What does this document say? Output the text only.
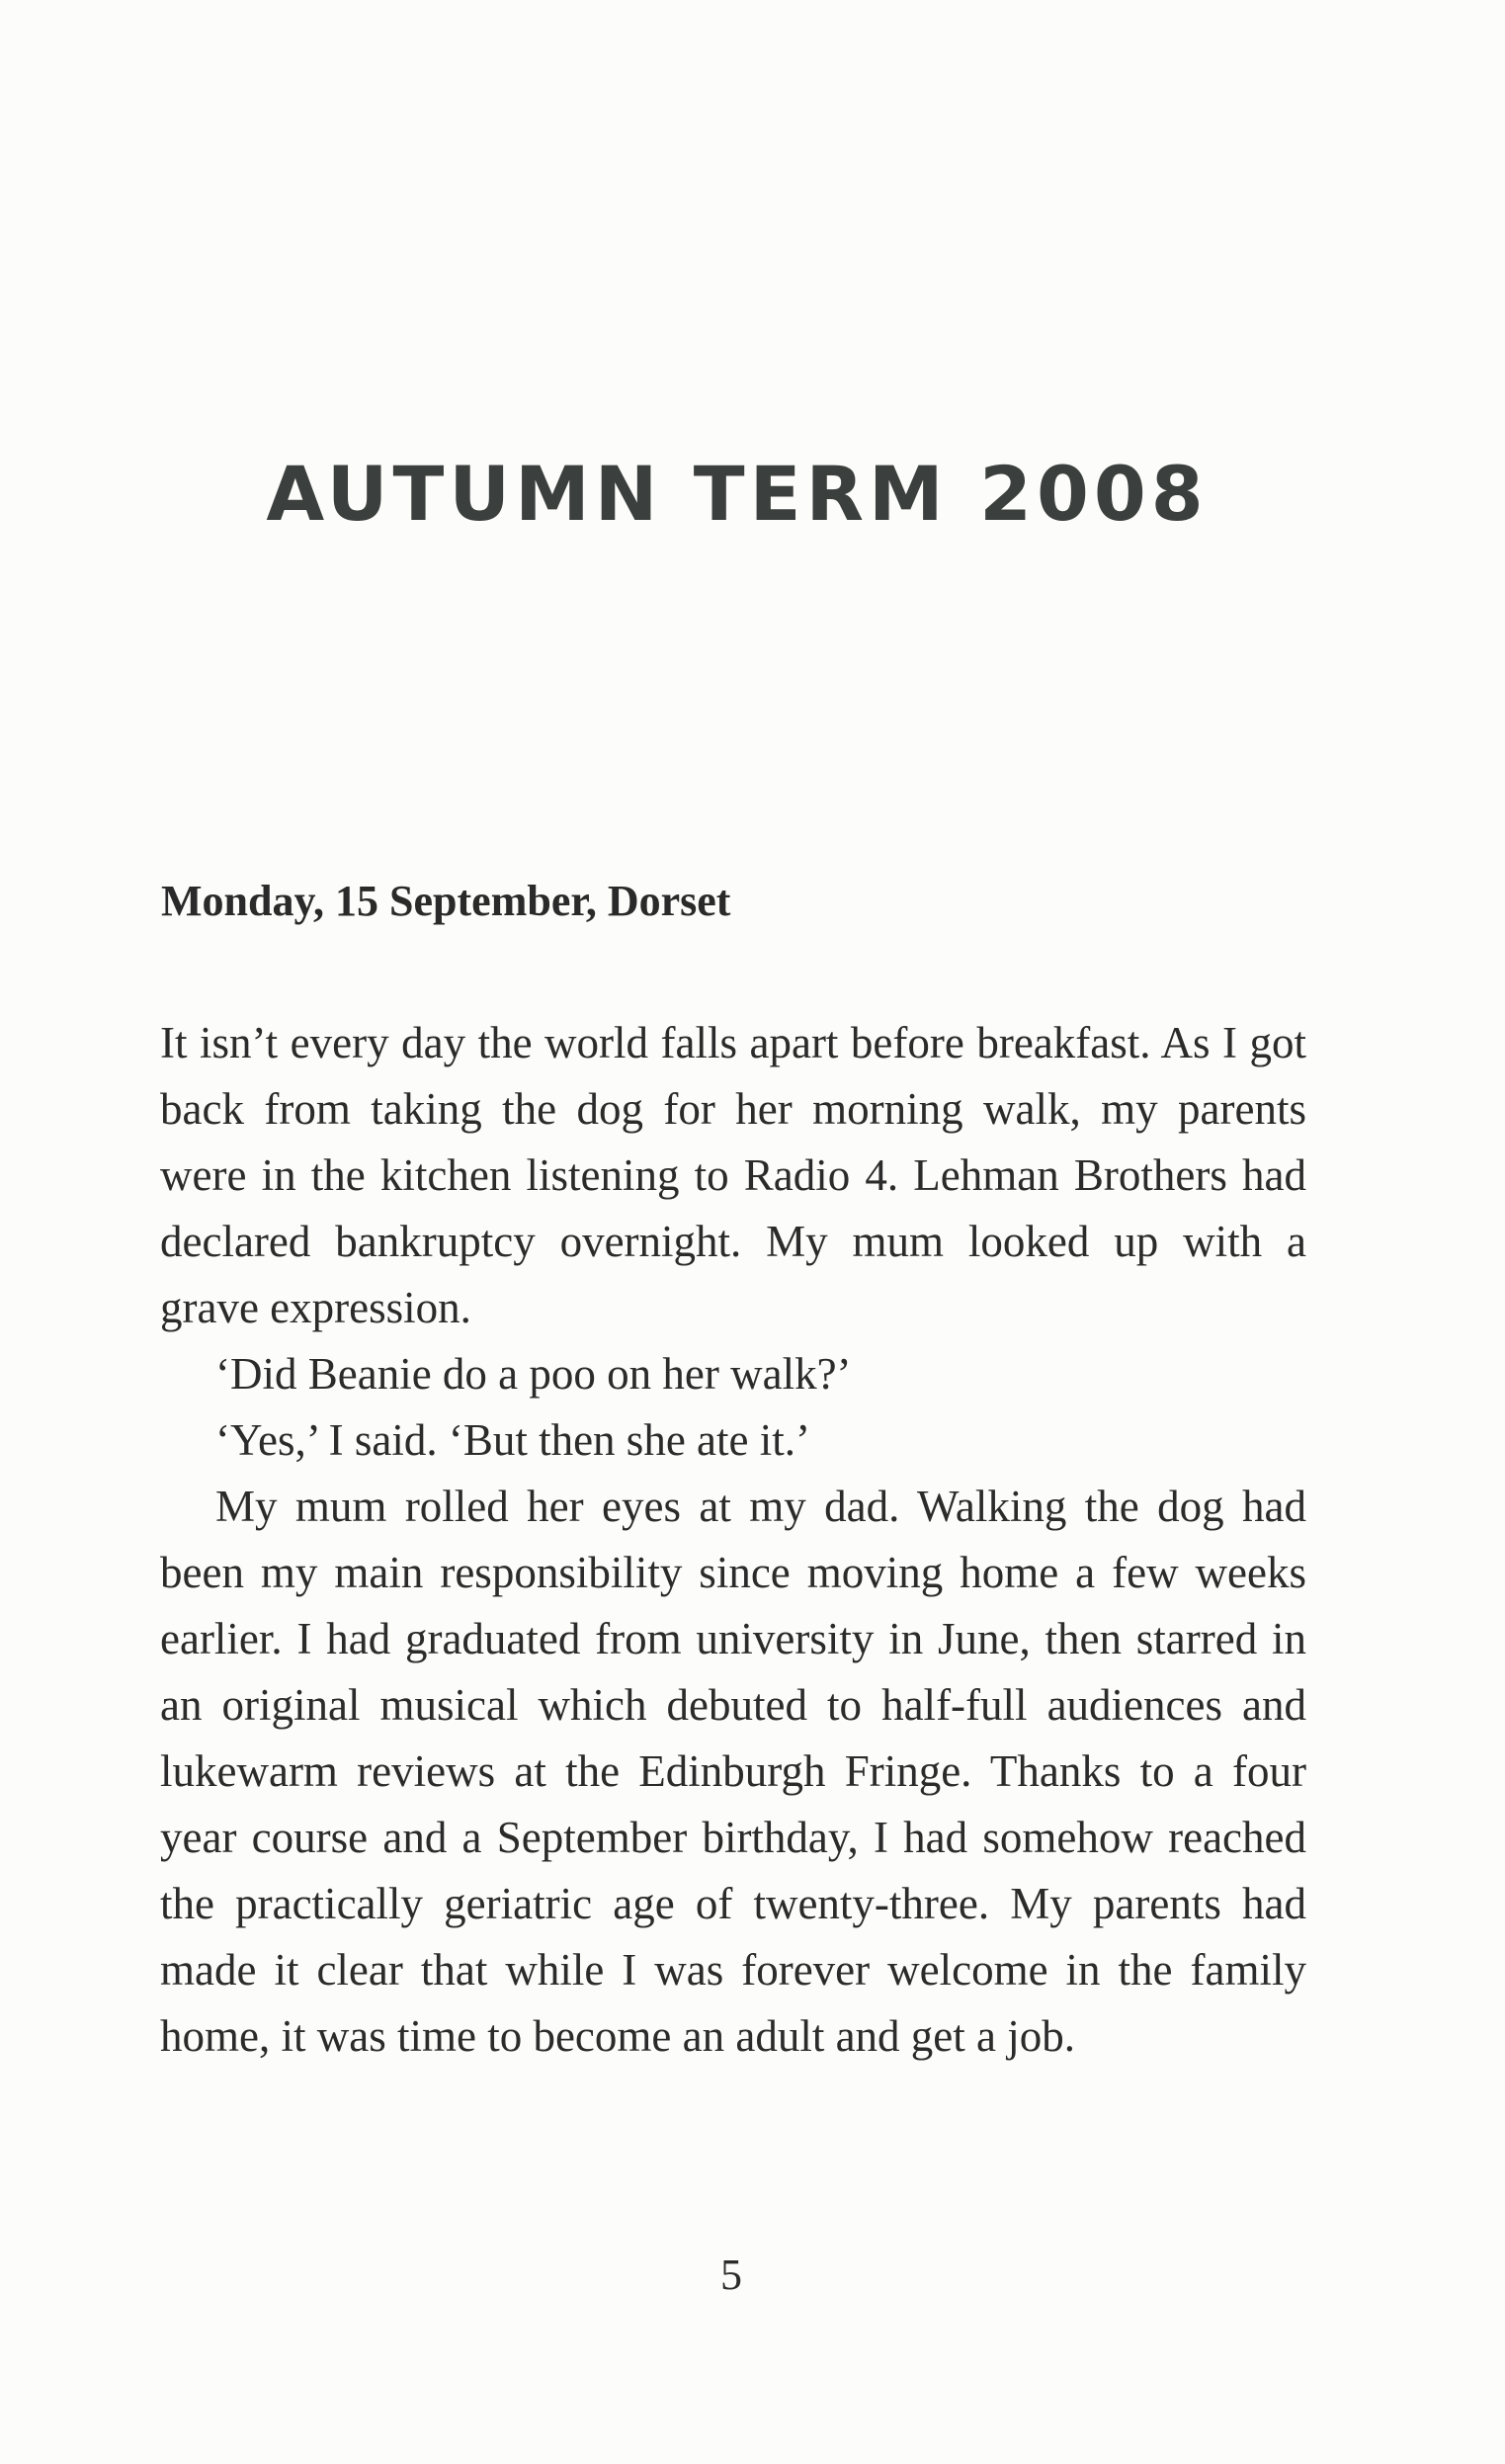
AUTUMN TERM 2008
Monday, 15 September, Dorset

It isn’t every day the world falls apart before breakfast. As I got back from taking the dog for her morning walk, my parents were in the kitchen listening to Radio 4. Lehman Brothers had declared bankruptcy overnight. My mum looked up with a grave expression.

‘Did Beanie do a poo on her walk?’

‘Yes,’ I said. ‘But then she ate it.’

My mum rolled her eyes at my dad. Walking the dog had been my main responsibility since moving home a few weeks earlier. I had graduated from university in June, then starred in an original musical which debuted to half-full audiences and lukewarm reviews at the Edinburgh Fringe. Thanks to a four year course and a September birthday, I had somehow reached the practically geriatric age of twenty-three. My parents had made it clear that while I was forever welcome in the family home, it was time to become an adult and get a job.

5
